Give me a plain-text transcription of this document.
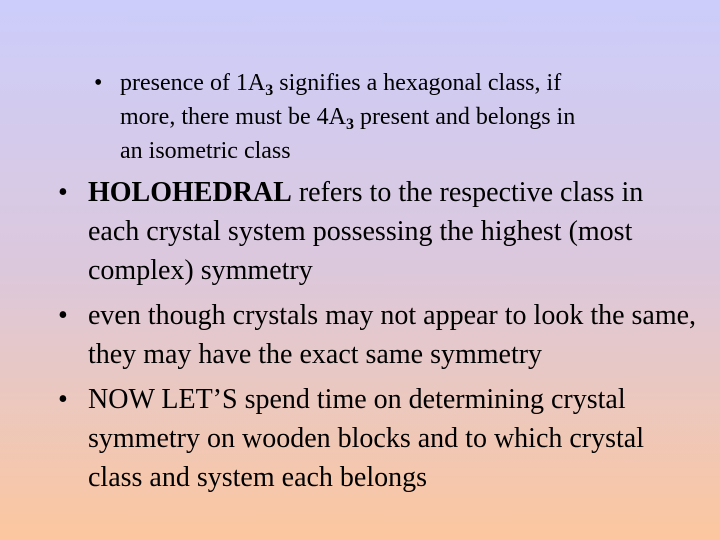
• presence of $1A_3$ signifies a hexagonal class, if
more, there must be $4A_3$ present and belongs in
an isometric class
• HOLOHEDRAL refers to the respective class in each crystal system possessing the highest (most complex) symmetry
• even though crystals may not appear to look the same, they may have the exact same symmetry
• NOW LET’S spend time on determining crystal symmetry on wooden blocks and to which crystal class and system each belongs
